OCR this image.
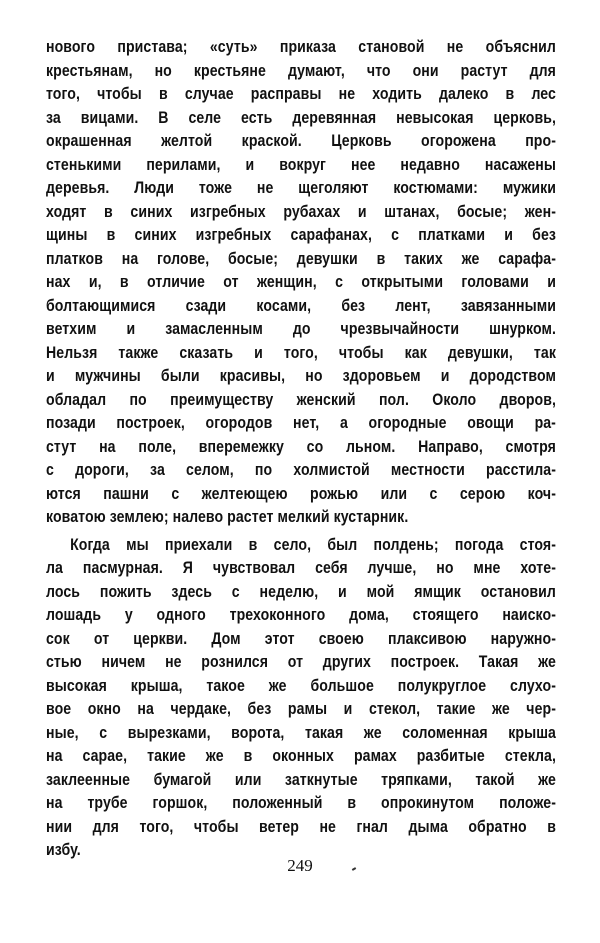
нового пристава; «суть» приказа становой не объяснил
крестьянам, но крестьяне думают, что они растут для
того, чтобы в случае расправы не ходить далеко в лес
за вицами. В селе есть деревянная невысокая церковь,
окрашенная желтой краской. Церковь огорожена про-
стенькими перилами, и вокруг нее недавно насажены
деревья. Люди тоже не щеголяют костюмами: мужики
ходят в синих изгребных рубахах и штанах, босые; жен-
щины в синих изгребных сарафанах, с платками и без
платков на голове, босые; девушки в таких же сарафа-
нах и, в отличие от женщин, с открытыми головами и
болтающимися сзади косами, без лент, завязанными
ветхим и замасленным до чрезвычайности шнурком.
Нельзя также сказать и того, чтобы как девушки, так
и мужчины были красивы, но здоровьем и дородством
обладал по преимуществу женский пол. Около дворов,
позади построек, огородов нет, а огородные овощи ра-
стут на поле, вперемежку со льном. Направо, смотря
с дороги, за селом, по холмистой местности расстила-
ются пашни с желтеющею рожью или с серою коч-
коватою землею; налево растет мелкий кустарник.
Когда мы приехали в село, был полдень; погода стоя-
ла пасмурная. Я чувствовал себя лучше, но мне хоте-
лось пожить здесь с неделю, и мой ямщик остановил
лошадь у одного трехоконного дома, стоящего наиско-
сок от церкви. Дом этот своею плаксивою наружно-
стью ничем не рознился от других построек. Такая же
высокая крыша, такое же большое полукруглое слухо-
вое окно на чердаке, без рамы и стекол, такие же чер-
ные, с вырезками, ворота, такая же соломенная крыша
на сарае, такие же в оконных рамах разбитые стекла,
заклеенные бумагой или заткнутые тряпками, такой же
на трубе горшок, положенный в опрокинутом положе-
нии для того, чтобы ветер не гнал дыма обратно в
избу.
249
